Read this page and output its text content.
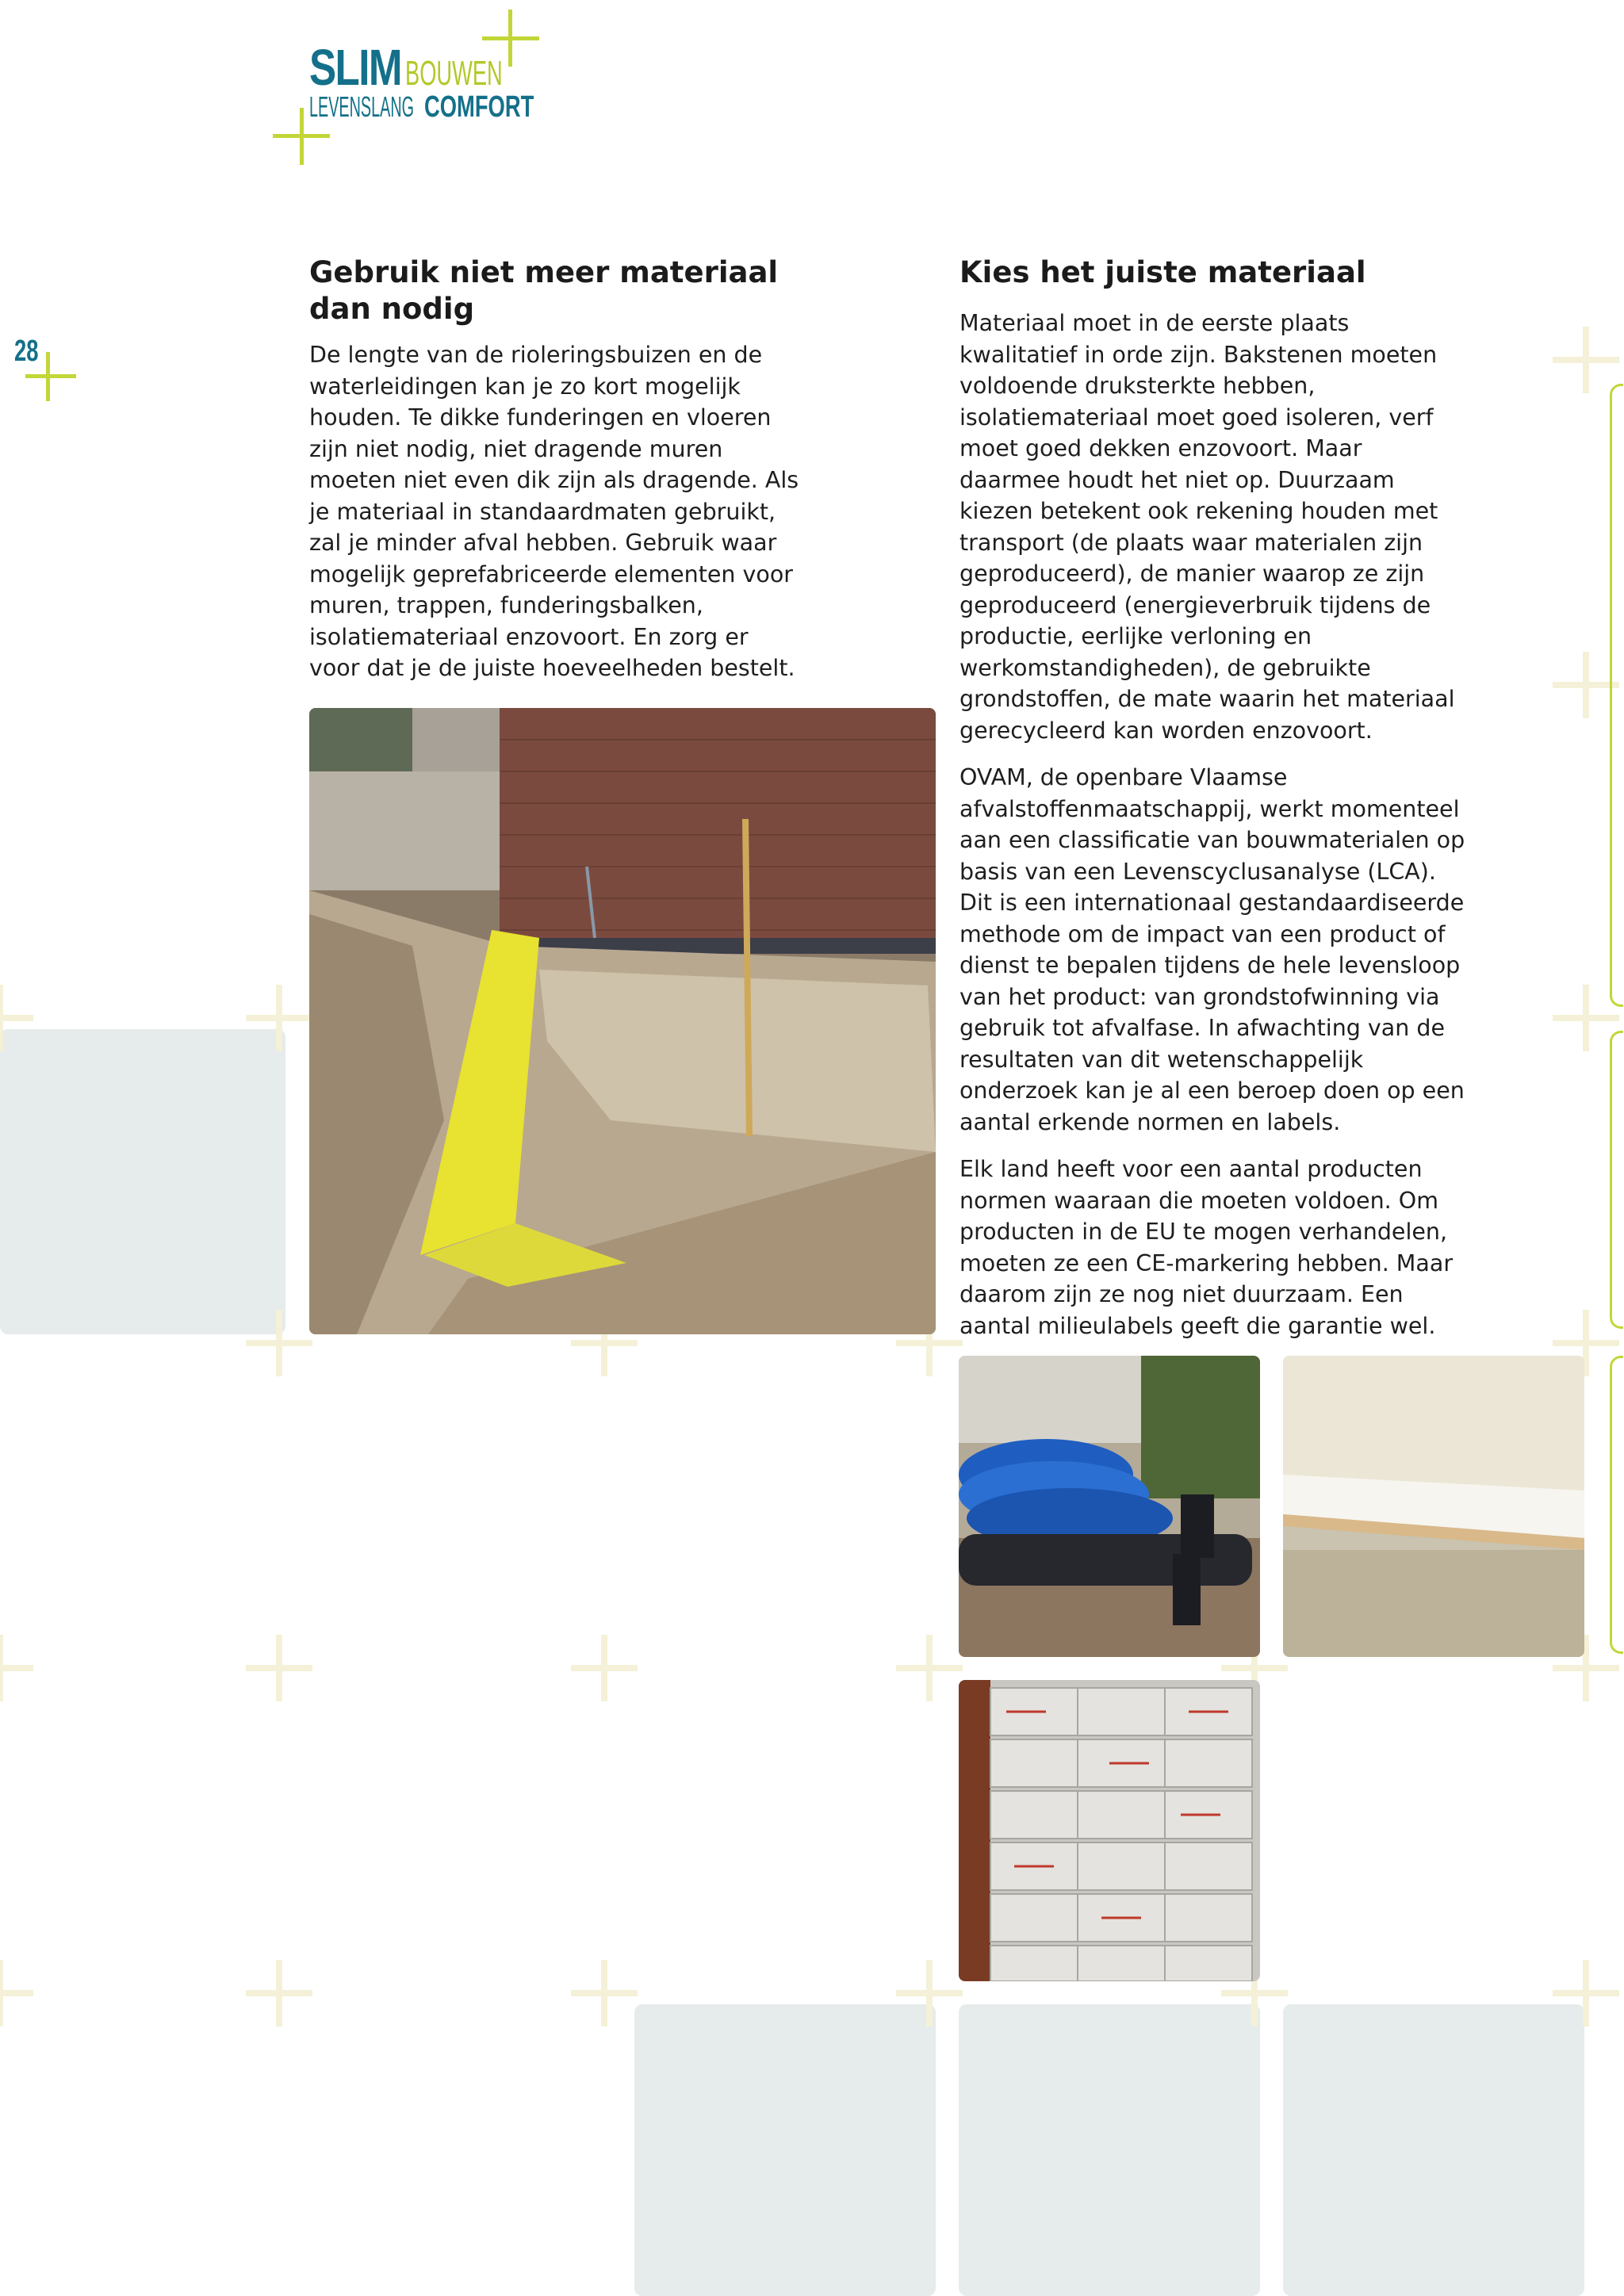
SLIM BOUWEN
LEVENSLANG COMFORT
28
Gebruik niet meer materiaal dan nodig

De lengte van de rioleringsbuizen en de waterleidingen kan je zo kort mogelijk houden. Te dikke funderingen en vloeren zijn niet nodig, niet dragende muren moeten niet even dik zijn als dragende. Als je materiaal in standaardmaten gebruikt, zal je minder afval hebben. Gebruik waar mogelijk geprefabriceerde elementen voor muren, trappen, funderingsbalken, isolatiemateriaal enzovoort. En zorg er voor dat je de juiste hoeveelheden bestelt.

Kies het juiste materiaal

Materiaal moet in de eerste plaats kwalitatief in orde zijn. Bakstenen moeten voldoende druksterkte hebben, isolatiemateriaal moet goed isoleren, verf moet goed dekken enzovoort. Maar daarmee houdt het niet op. Duurzaam kiezen betekent ook rekening houden met transport (de plaats waar materialen zijn geproduceerd), de manier waarop ze zijn geproduceerd (energieverbruik tijdens de productie, eerlijke verloning en werkomstandigheden), de gebruikte grondstoffen, de mate waarin het materiaal gerecycleerd kan worden enzovoort.

OVAM, de openbare Vlaamse afvalstoffenmaatschappij, werkt momenteel aan een classificatie van bouwmaterialen op basis van een Levenscyclusanalyse (LCA). Dit is een internationaal gestandaardiseerde methode om de impact van een product of dienst te bepalen tijdens de hele levensloop van het product: van grondstofwinning via gebruik tot afvalfase. In afwachting van de resultaten van dit wetenschappelijk onderzoek kan je al een beroep doen op een aantal erkende normen en labels.

Elk land heeft voor een aantal producten normen waaraan die moeten voldoen. Om producten in de EU te mogen verhandelen, moeten ze een CE-markering hebben. Maar daarom zijn ze nog niet duurzaam. Een aantal milieulabels geeft die garantie wel.
